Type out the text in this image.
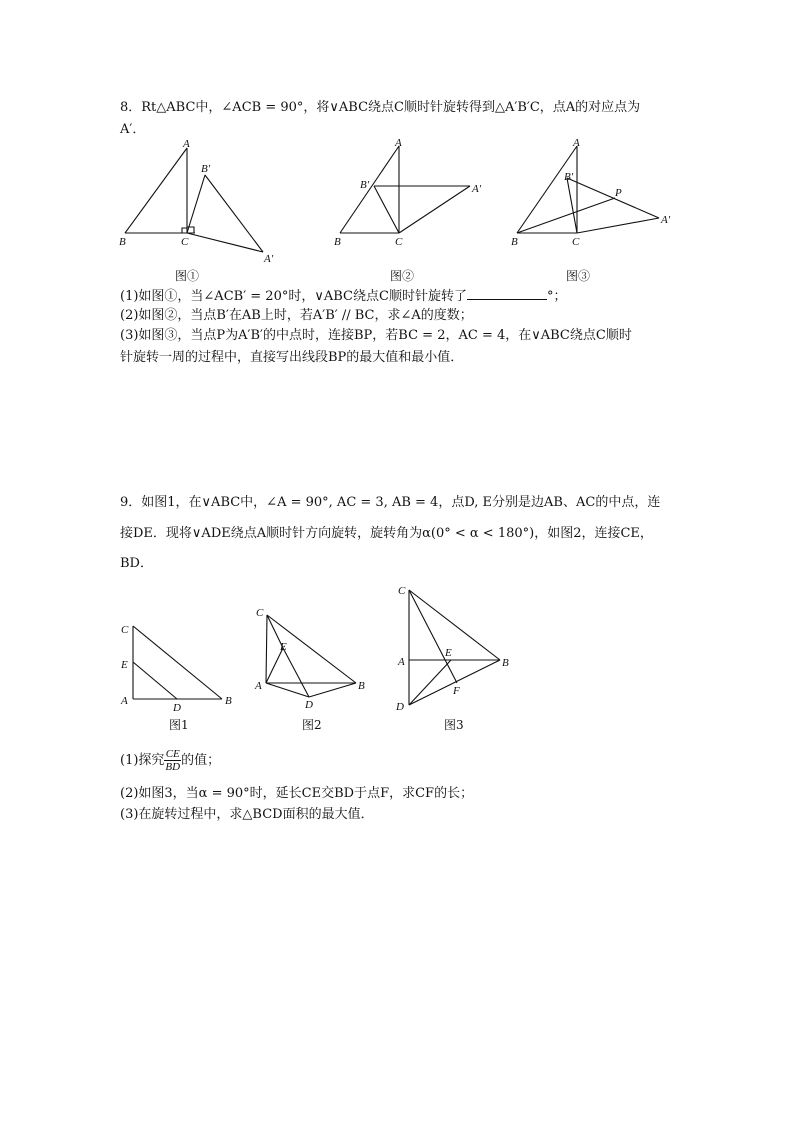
8．Rt△ABC中，∠ACB = 90°，将∨ABC绕点C顺时针旋转得到△A′B′C，点A的对应点为
A′．
A
B	C
B′
A′
图①
A
B	C
B′	A′
图②
A
B	C
B′
A′
P
图③
(1)如图①，当∠ACB′ = 20°时，∨ABC绕点C顺时针旋转了	°；
(2)如图②，当点B′在AB上时，若A′B′ // BC，求∠A的度数；
(3)如图③，当点P为A′B′的中点时，连接BP，若BC = 2，AC = 4，在∨ABC绕点C顺时
针旋转一周的过程中，直接写出线段BP的最大值和最小值．
9．如图1，在∨ABC中，∠A = 90°, AC = 3, AB = 4，点D, E分别是边AB、AC的中点，连
接DE．现将∨ADE绕点A顺时针方向旋转，旋转角为α(0° < α < 180°)，如图2，连接CE，
BD．
C
E
A
D
B
图1
C
E
A
D
B
图2
C
A
E
B
F
D
图3
(1)探究 $\frac{CE}{BD}$ 的值；
(2)如图3，当α = 90°时，延长CE交BD于点F，求CF的长；
(3)在旋转过程中，求△BCD面积的最大值．
